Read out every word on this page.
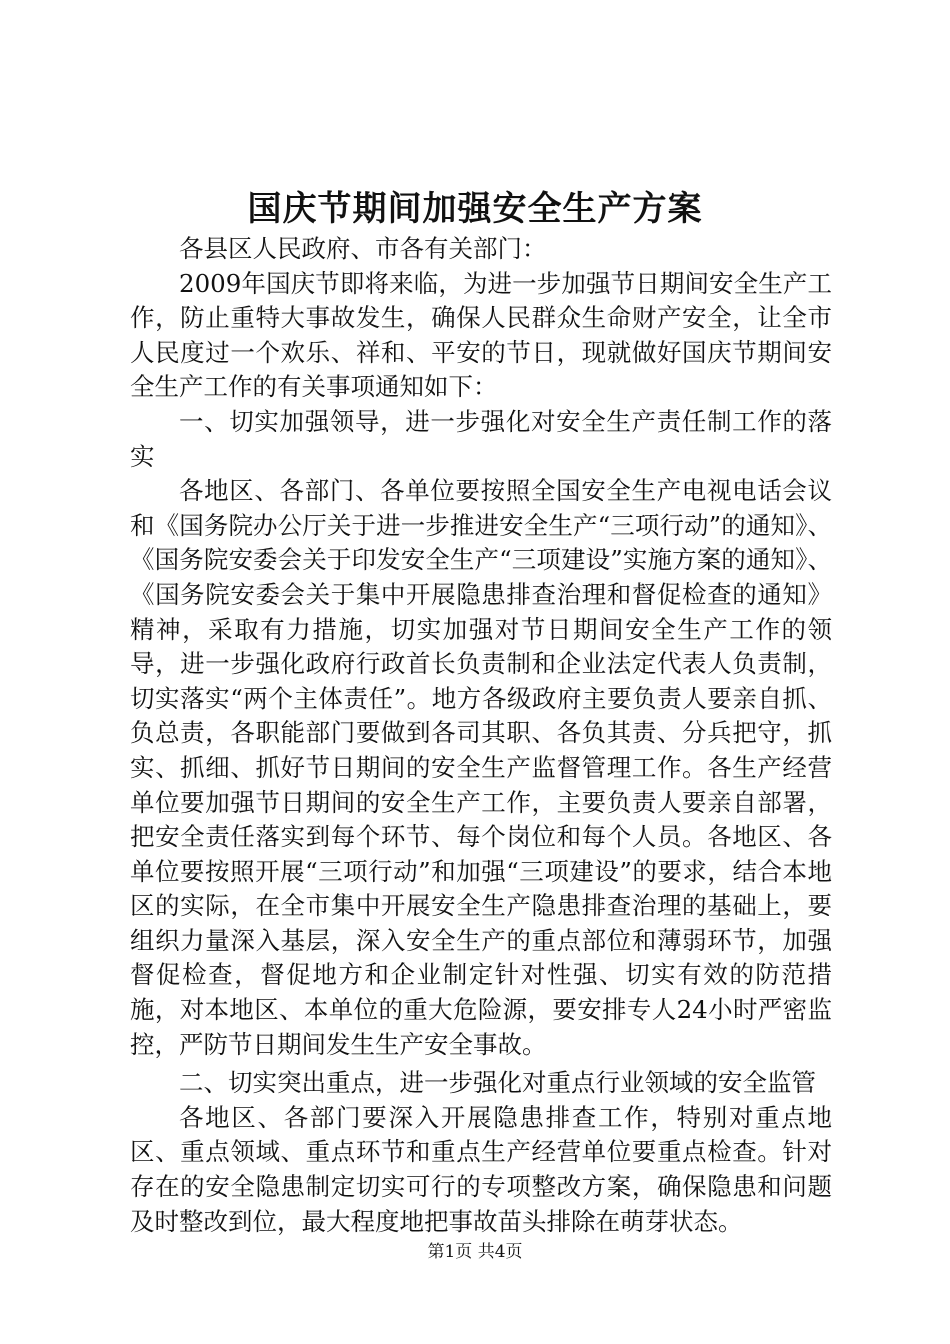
国庆节期间加强安全生产方案

各县区人民政府、市各有关部门：

2009年国庆节即将来临，为进一步加强节日期间安全生产工作，防止重特大事故发生，确保人民群众生命财产安全，让全市人民度过一个欢乐、祥和、平安的节日，现就做好国庆节期间安全生产工作的有关事项通知如下：

一、切实加强领导，进一步强化对安全生产责任制工作的落实

各地区、各部门、各单位要按照全国安全生产电视电话会议和《国务院办公厅关于进一步推进安全生产“三项行动”的通知》、《国务院安委会关于印发安全生产“三项建设”实施方案的通知》、《国务院安委会关于集中开展隐患排查治理和督促检查的通知》精神，采取有力措施，切实加强对节日期间安全生产工作的领导，进一步强化政府行政首长负责制和企业法定代表人负责制，切实落实“两个主体责任”。地方各级政府主要负责人要亲自抓、负总责，各职能部门要做到各司其职、各负其责、分兵把守，抓实、抓细、抓好节日期间的安全生产监督管理工作。各生产经营单位要加强节日期间的安全生产工作，主要负责人要亲自部署，把安全责任落实到每个环节、每个岗位和每个人员。各地区、各单位要按照开展“三项行动”和加强“三项建设”的要求，结合本地区的实际，在全市集中开展安全生产隐患排查治理的基础上，要组织力量深入基层，深入安全生产的重点部位和薄弱环节，加强督促检查，督促地方和企业制定针对性强、切实有效的防范措施，对本地区、本单位的重大危险源，要安排专人24小时严密监控，严防节日期间发生生产安全事故。

二、切实突出重点，进一步强化对重点行业领域的安全监管

各地区、各部门要深入开展隐患排查工作，特别对重点地区、重点领域、重点环节和重点生产经营单位要重点检查。针对存在的安全隐患制定切实可行的专项整改方案，确保隐患和问题及时整改到位，最大程度地把事故苗头排除在萌芽状态。

第1页 共4页
